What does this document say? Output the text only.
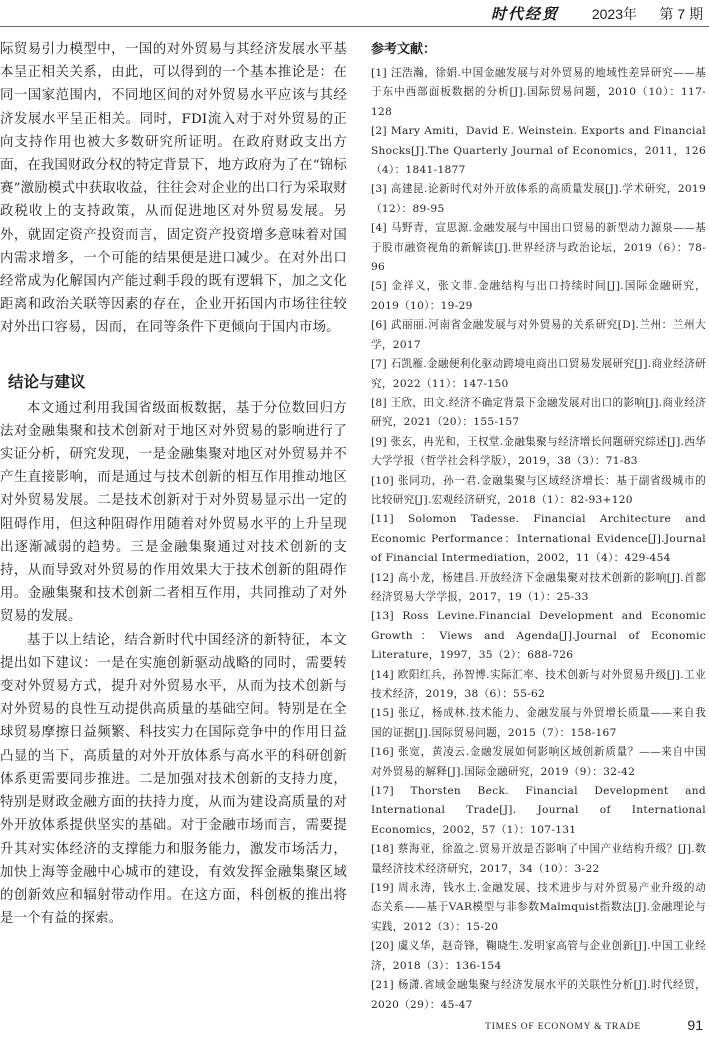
时代经贸 2023年 第 7 期

际贸易引力模型中，一国的对外贸易与其经济发展水平基本呈正相关关系，由此，可以得到的一个基本推论是：在同一国家范围内，不同地区间的对外贸易水平应该与其经济发展水平呈正相关。同时，FDI流入对于对外贸易的正向支持作用也被大多数研究所证明。在政府财政支出方面，在我国财政分权的特定背景下，地方政府为了在“锦标赛”激励模式中获取收益，往往会对企业的出口行为采取财政税收上的支持政策，从而促进地区对外贸易发展。另外，就固定资产投资而言，固定资产投资增多意味着对国内需求增多，一个可能的结果便是进口减少。在对外出口经常成为化解国内产能过剩手段的既有逻辑下，加之文化距离和政治关联等因素的存在，企业开拓国内市场往往较对外出口容易，因而，在同等条件下更倾向于国内市场。

结论与建议

本文通过利用我国省级面板数据，基于分位数回归方法对金融集聚和技术创新对于地区对外贸易的影响进行了实证分析，研究发现，一是金融集聚对地区对外贸易并不产生直接影响，而是通过与技术创新的相互作用推动地区对外贸易发展。二是技术创新对于对外贸易显示出一定的阻碍作用，但这种阻碍作用随着对外贸易水平的上升呈现出逐渐减弱的趋势。三是金融集聚通过对技术创新的支持，从而导致对外贸易的作用效果大于技术创新的阻碍作用。金融集聚和技术创新二者相互作用，共同推动了对外贸易的发展。

基于以上结论，结合新时代中国经济的新特征，本文提出如下建议：一是在实施创新驱动战略的同时，需要转变对外贸易方式，提升对外贸易水平，从而为技术创新与对外贸易的良性互动提供高质量的基础空间。特别是在全球贸易摩擦日益频繁、科技实力在国际竞争中的作用日益凸显的当下，高质量的对外开放体系与高水平的科研创新体系更需要同步推进。二是加强对技术创新的支持力度，特别是财政金融方面的扶持力度，从而为建设高质量的对外开放体系提供坚实的基础。对于金融市场而言，需要提升其对实体经济的支撑能力和服务能力，激发市场活力，加快上海等金融中心城市的建设，有效发挥金融集聚区域的创新效应和辐射带动作用。在这方面，科创板的推出将是一个有益的探索。

参考文献：

[1] 汪浩瀚，徐娟.中国金融发展与对外贸易的地域性差异研究——基于东中西部面板数据的分析[J].国际贸易问题，2010（10）：117-128

[2] Mary Amiti，David E. Weinstein. Exports and Financial Shocks[J].The Quarterly Journal of Economics，2011，126（4）：1841-1877

[3] 高建昆.论新时代对外开放体系的高质量发展[J].学术研究，2019（12）：89-95

[4] 马野青，宣思源.金融发展与中国出口贸易的新型动力源泉——基于股市融资视角的新解读[J].世界经济与政治论坛，2019（6）：78-96

[5] 金祥义，张文菲.金融结构与出口持续时间[J].国际金融研究，2019（10）：19-29

[6] 武丽丽.河南省金融发展与对外贸易的关系研究[D].兰州：兰州大学，2017

[7] 石凯雁.金融便利化驱动跨境电商出口贸易发展研究[J].商业经济研究，2022（11）：147-150

[8] 王欣，田文.经济不确定背景下金融发展对出口的影响[J].商业经济研究，2021（20）：155-157

[9] 张玄，冉光和，王权堂.金融集聚与经济增长问题研究综述[J].西华大学学报（哲学社会科学版），2019，38（3）：71-83

[10] 张同功，孙一君.金融集聚与区域经济增长：基于副省级城市的比较研究[J].宏观经济研究，2018（1）：82-93+120

[11] Solomon Tadesse. Financial Architecture and Economic Performance：International Evidence[J].Journal of Financial Intermediation，2002，11（4）：429-454

[12] 高小龙，杨建昌.开放经济下金融集聚对技术创新的影响[J].首都经济贸易大学学报，2017，19（1）：25-33

[13] Ross Levine.Financial Development and Economic Growth：Views and Agenda[J].Journal of Economic Literature，1997，35（2）：688-726

[14] 欧阳红兵，孙智博.实际汇率、技术创新与对外贸易升级[J].工业技术经济，2019，38（6）：55-62

[15] 张辽，杨成林.技术能力、金融发展与外贸增长质量——来自我国的证据[J].国际贸易问题，2015（7）：158-167

[16] 张宽，黄凌云.金融发展如何影响区域创新质量？——来自中国对外贸易的解释[J].国际金融研究，2019（9）：32-42

[17] Thorsten Beck. Financial Development and International Trade[J]. Journal of International Economics，2002，57（1）：107-131

[18] 蔡海亚，徐盈之.贸易开放是否影响了中国产业结构升级？[J].数量经济技术经济研究，2017，34（10）：3-22

[19] 周永涛，钱水土.金融发展、技术进步与对外贸易产业升级的动态关系——基于VAR模型与非参数Malmquist指数法[J].金融理论与实践，2012（3）：15-20

[20] 虞义华，赵奇锋，鞠晓生.发明家高管与企业创新[J].中国工业经济，2018（3）：136-154

[21] 杨潇.省域金融集聚与经济发展水平的关联性分析[J].时代经贸，2020（29）：45-47

TIMES OF ECONOMY & TRADE	91
